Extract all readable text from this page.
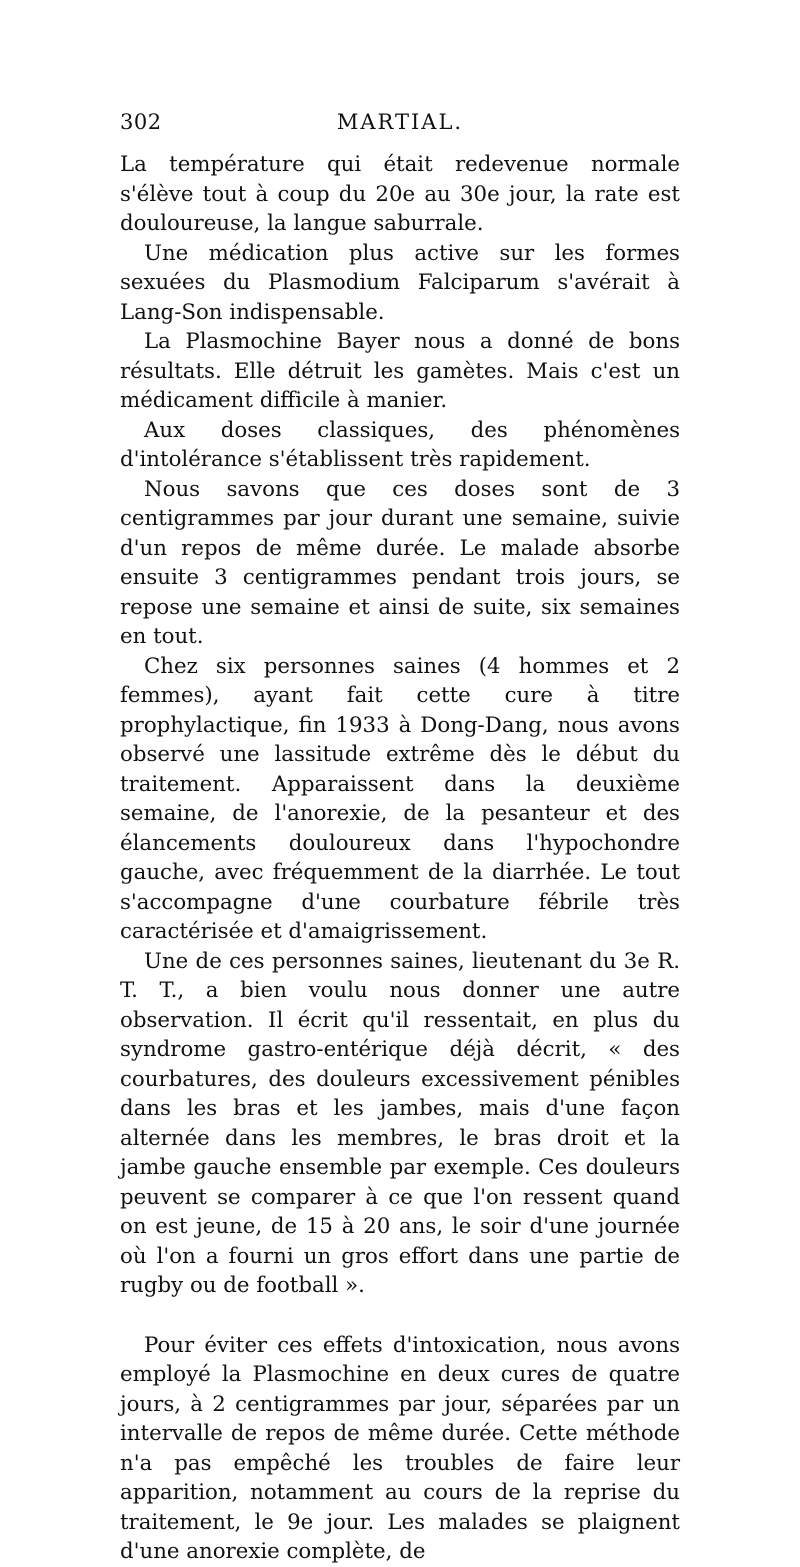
302	MARTIAL.

La température qui était redevenue normale s'élève tout à coup du 20e au 30e jour, la rate est douloureuse, la langue saburrale.

Une médication plus active sur les formes sexuées du Plasmodium Falciparum s'avérait à Lang-Son indispensable.

La Plasmochine Bayer nous a donné de bons résultats. Elle détruit les gamètes. Mais c'est un médicament difficile à manier.

Aux doses classiques, des phénomènes d'intolérance s'établissent très rapidement.

Nous savons que ces doses sont de 3 centigrammes par jour durant une semaine, suivie d'un repos de même durée. Le malade absorbe ensuite 3 centigrammes pendant trois jours, se repose une semaine et ainsi de suite, six semaines en tout.

Chez six personnes saines (4 hommes et 2 femmes), ayant fait cette cure à titre prophylactique, fin 1933 à Dong-Dang, nous avons observé une lassitude extrême dès le début du traitement. Apparaissent dans la deuxième semaine, de l'anorexie, de la pesanteur et des élancements douloureux dans l'hypochondre gauche, avec fréquemment de la diarrhée. Le tout s'accompagne d'une courbature fébrile très caractérisée et d'amaigrissement.

Une de ces personnes saines, lieutenant du 3e R. T. T., a bien voulu nous donner une autre observation. Il écrit qu'il ressentait, en plus du syndrome gastro-entérique déjà décrit, « des courbatures, des douleurs excessivement pénibles dans les bras et les jambes, mais d'une façon alternée dans les membres, le bras droit et la jambe gauche ensemble par exemple. Ces douleurs peuvent se comparer à ce que l'on ressent quand on est jeune, de 15 à 20 ans, le soir d'une journée où l'on a fourni un gros effort dans une partie de rugby ou de football ».

Pour éviter ces effets d'intoxication, nous avons employé la Plasmochine en deux cures de quatre jours, à 2 centigrammes par jour, séparées par un intervalle de repos de même durée. Cette méthode n'a pas empêché les troubles de faire leur apparition, notamment au cours de la reprise du traitement, le 9e jour. Les malades se plaignent d'une anorexie complète, de
